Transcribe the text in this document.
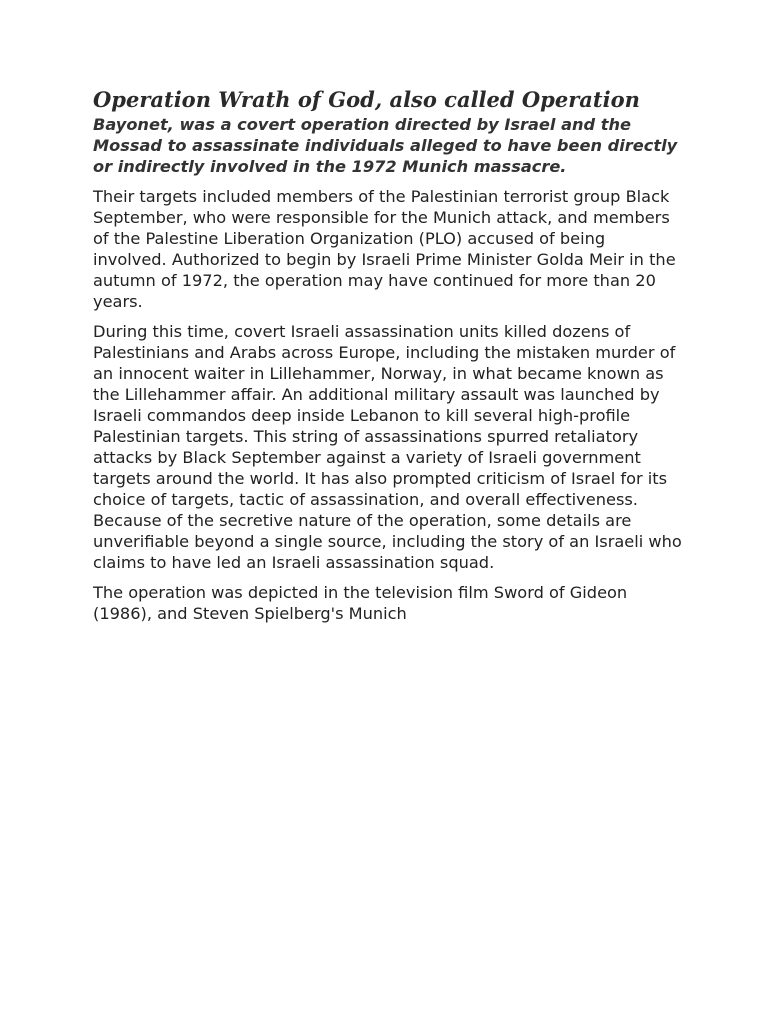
Operation Wrath of God, also called Operation

Bayonet, was a covert operation directed by Israel and the Mossad to assassinate individuals alleged to have been directly or indirectly involved in the 1972 Munich massacre.

Their targets included members of the Palestinian terrorist group Black September, who were responsible for the Munich attack, and members of the Palestine Liberation Organization (PLO) accused of being involved. Authorized to begin by Israeli Prime Minister Golda Meir in the autumn of 1972, the operation may have continued for more than 20 years.

During this time, covert Israeli assassination units killed dozens of Palestinians and Arabs across Europe, including the mistaken murder of an innocent waiter in Lillehammer, Norway, in what became known as the Lillehammer affair. An additional military assault was launched by Israeli commandos deep inside Lebanon to kill several high-profile Palestinian targets. This string of assassinations spurred retaliatory attacks by Black September against a variety of Israeli government targets around the world. It has also prompted criticism of Israel for its choice of targets, tactic of assassination, and overall effectiveness. Because of the secretive nature of the operation, some details are unverifiable beyond a single source, including the story of an Israeli who claims to have led an Israeli assassination squad.

The operation was depicted in the television film Sword of Gideon (1986), and Steven Spielberg's Munich
